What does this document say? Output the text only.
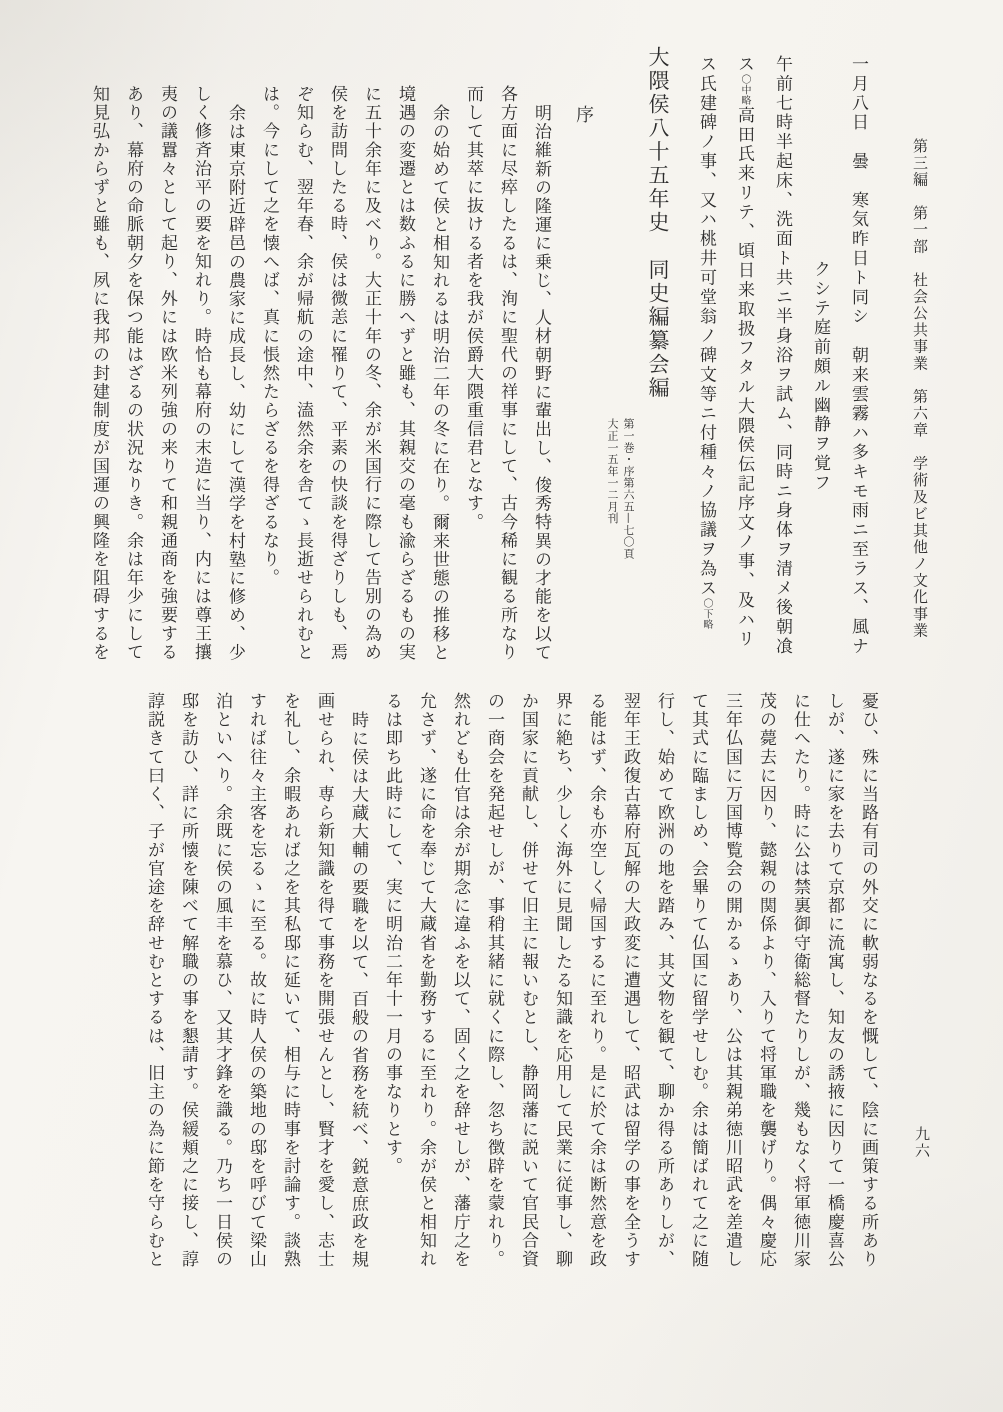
第三編　第一部　社会公共事業　第六章　学術及ビ其他ノ文化事業
九六
一月八日　曇　寒気昨日ト同シ　朝来雲霧ハ多キモ雨ニ至ラス、風ナ
クシテ庭前頗ル幽静ヲ覚フ
午前七時半起床、洗面ト共ニ半身浴ヲ試ム、同時ニ身体ヲ清メ後朝飡
ス〇中略高田氏来リテ、頃日来取扱フタル大隈侯伝記序文ノ事、及ハリ
ス氏建碑ノ事、又ハ桃井可堂翁ノ碑文等ニ付種々ノ協議ヲ為ス〇下略
大隈侯八十五年史　同史編纂会編
第一巻・序第六五—七〇頁
大正一五年一二月刊
序
明治維新の隆運に乗じ、人材朝野に輩出し、俊秀特異の才能を以て
各方面に尽瘁したるは、洵に聖代の祥事にして、古今稀に観る所なり
而して其萃に抜ける者を我が侯爵大隈重信君となす。
余の始めて侯と相知れるは明治二年の冬に在り。爾来世態の推移と
境遇の変遷とは数ふるに勝へずと雖も、其親交の毫も渝らざるもの実
に五十余年に及べり。大正十年の冬、余が米国行に際して告別の為め
侯を訪問したる時、侯は微恙に罹りて、平素の快談を得ざりしも、焉
ぞ知らむ、翌年春、余が帰航の途中、溘然余を舎てゝ長逝せられむと
は。今にして之を懐へば、真に悵然たらざるを得ざるなり。
余は東京附近辟邑の農家に成長し、幼にして漢学を村塾に修め、少
しく修斉治平の要を知れり。時恰も幕府の末造に当り、内には尊王攘
夷の議囂々として起り、外には欧米列強の来りて和親通商を強要する
あり、幕府の命脈朝夕を保つ能はざるの状況なりき。余は年少にして
知見弘からずと雖も、夙に我邦の封建制度が国運の興隆を阻碍するを
憂ひ、殊に当路有司の外交に軟弱なるを慨して、陰に画策する所あり
しが、遂に家を去りて京都に流寓し、知友の誘掖に因りて一橋慶喜公
に仕へたり。時に公は禁裏御守衛総督たりしが、幾もなく将軍徳川家
茂の薨去に因り、懿親の関係より、入りて将軍職を襲げり。偶々慶応
三年仏国に万国博覧会の開かるゝあり、公は其親弟徳川昭武を差遣し
て其式に臨ましめ、会畢りて仏国に留学せしむ。余は簡ばれて之に随
行し、始めて欧洲の地を踏み、其文物を観て、聊か得る所ありしが、
翌年王政復古幕府瓦解の大政変に遭遇して、昭武は留学の事を全うす
る能はず、余も亦空しく帰国するに至れり。是に於て余は断然意を政
界に絶ち、少しく海外に見聞したる知識を応用して民業に従事し、聊
か国家に貢献し、併せて旧主に報いむとし、静岡藩に説いて官民合資
の一商会を発起せしが、事稍其緒に就くに際し、忽ち徴辟を蒙れり。
然れども仕官は余が期念に違ふを以て、固く之を辞せしが、藩庁之を
允さず、遂に命を奉じて大蔵省を勤務するに至れり。余が侯と相知れ
るは即ち此時にして、実に明治二年十一月の事なりとす。
時に侯は大蔵大輔の要職を以て、百般の省務を統べ、鋭意庶政を規
画せられ、専ら新知識を得て事務を開張せんとし、賢才を愛し、志士
を礼し、余暇あれば之を其私邸に延いて、相与に時事を討論す。談熟
すれば往々主客を忘るゝに至る。故に時人侯の築地の邸を呼びて梁山
泊といへり。余既に侯の風丰を慕ひ、又其才鋒を識る。乃ち一日侯の
邸を訪ひ、詳に所懐を陳べて解職の事を懇請す。侯緩頬之に接し、諄
諄説きて曰く、子が官途を辞せむとするは、旧主の為に節を守らむと
